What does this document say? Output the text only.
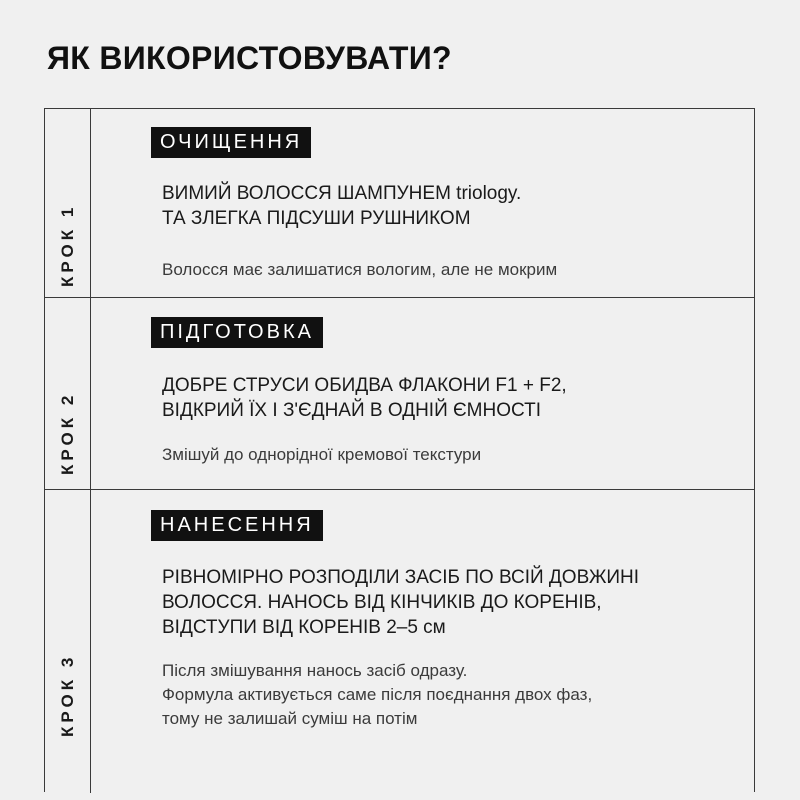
ЯК ВИКОРИСТОВУВАТИ?
КРОК 1
ОЧИЩЕННЯ
ВИМИЙ ВОЛОССЯ ШАМПУНЕМ triology.
ТА ЗЛЕГКА ПІДСУШИ РУШНИКОМ
Волосся має залишатися вологим, але не мокрим
КРОК 2
ПІДГОТОВКА
ДОБРЕ СТРУСИ ОБИДВА ФЛАКОНИ F1 + F2,
ВІДКРИЙ ЇХ І З'ЄДНАЙ В ОДНІЙ ЄМНОСТІ
Змішуй до однорідної кремової текстури
КРОК 3
НАНЕСЕННЯ
РІВНОМІРНО РОЗПОДІЛИ ЗАСІБ ПО ВСІЙ ДОВЖИНІ
ВОЛОССЯ. НАНОСЬ ВІД КІНЧИКІВ ДО КОРЕНІВ,
ВІДСТУПИ ВІД КОРЕНІВ 2–5 см
Після змішування нанось засіб одразу.
Формула активується саме після поєднання двох фаз,
тому не залишай суміш на потім
